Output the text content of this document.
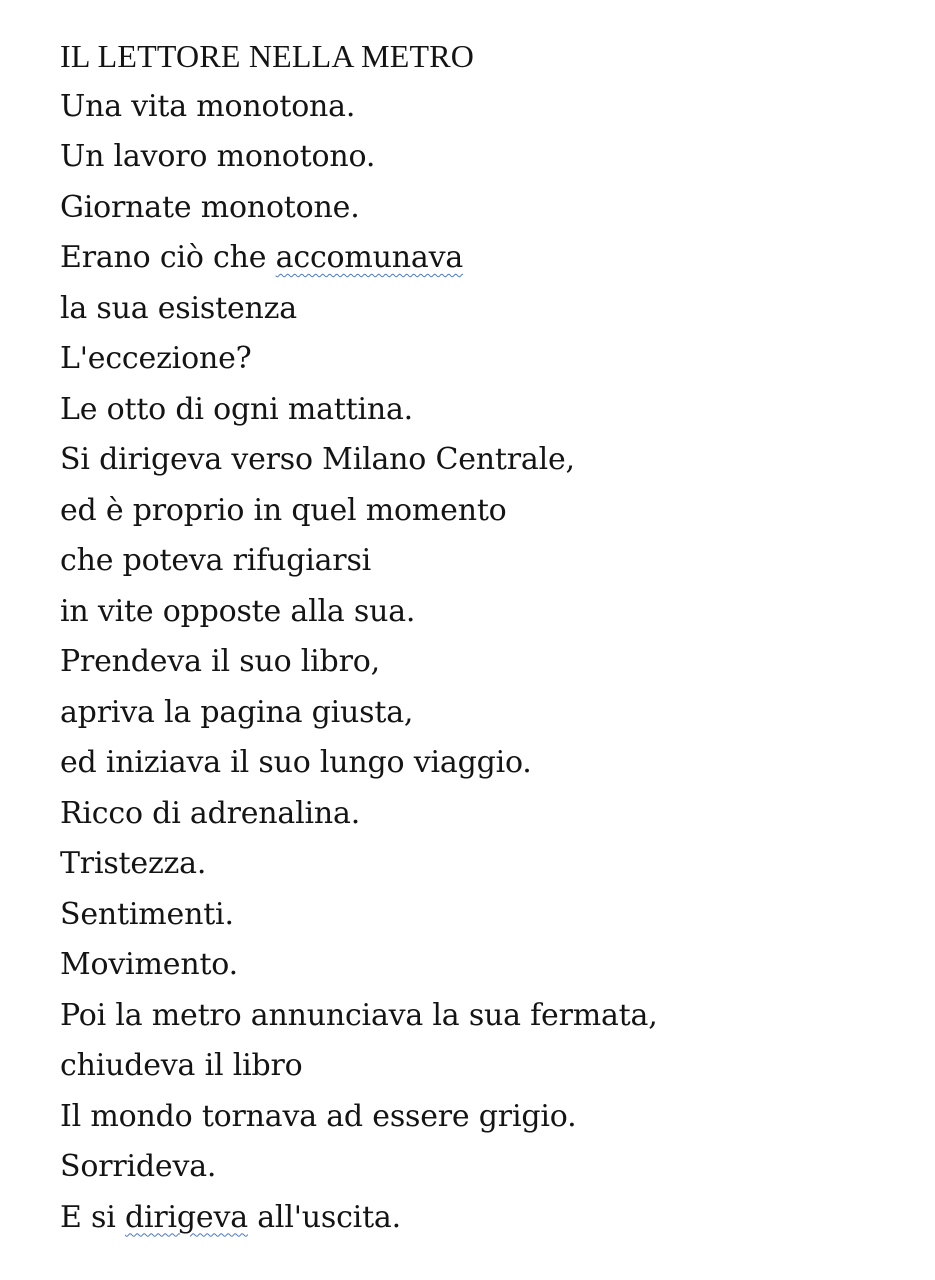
IL LETTORE NELLA METRO
Una vita monotona.
Un lavoro monotono.
Giornate monotone.
Erano ciò che accomunava
la sua esistenza
L'eccezione?
Le otto di ogni mattina.
Si dirigeva verso Milano Centrale,
ed è proprio in quel momento
che poteva rifugiarsi
in vite opposte alla sua.
Prendeva il suo libro,
apriva la pagina giusta,
ed iniziava il suo lungo viaggio.
Ricco di adrenalina.
Tristezza.
Sentimenti.
Movimento.
Poi la metro annunciava la sua fermata,
chiudeva il libro
Il mondo tornava ad essere grigio.
Sorrideva.
E si dirigeva all'uscita.
